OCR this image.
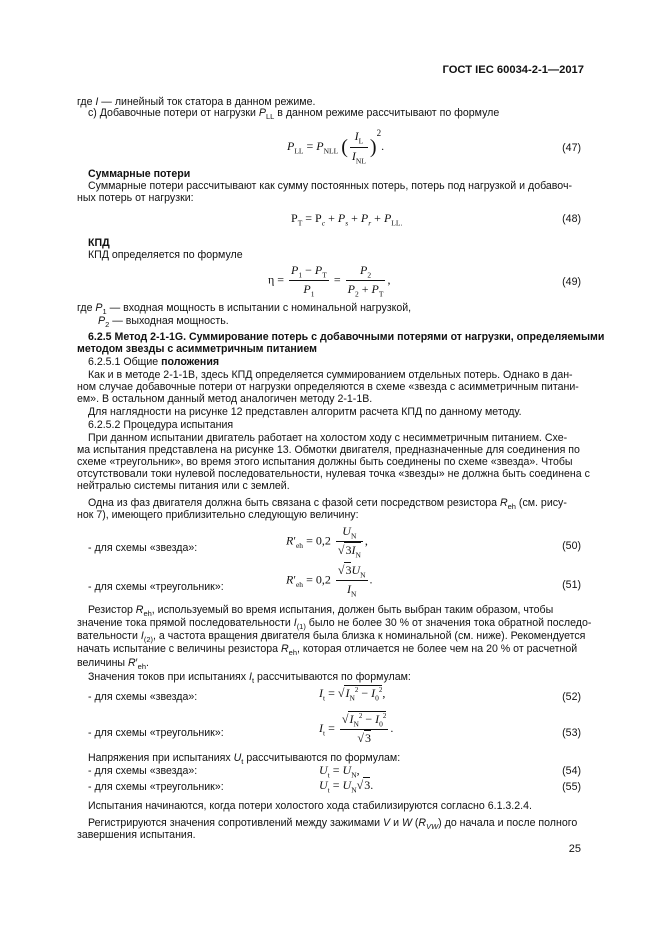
ГОСТ IEC 60034-2-1—2017
где I — линейный ток статора в данном режиме.
c) Добавочные потери от нагрузки $P_{LL}$ в данном режиме рассчитывают по формуле
$P_{LL} = P_{NLL}$ ( $\frac{I_L}{I_{NL}} )^2$.	(47)
Суммарные потери
Суммарные потери рассчитывают как сумму постоянных потерь, потерь под нагрузкой и добавоч-
ных потерь от нагрузки:
$P_T = P_c + P_s + P_r + P_{LL.}$	(48)
КПД
КПД определяется по формуле
$\eta = \frac{P_1 - P_T}{P_1} = \frac{P_2}{P_2 + P_T}$ ,	(49)
где $P_1$ — входная мощность в испытании с номинальной нагрузкой,
$P_2$ — выходная мощность.
6.2.5 Метод 2-1-1G. Суммирование потерь с добавочными потерями от нагрузки, определяемыми
методом звезды с асимметричным питанием
6.2.5.1 Общие положения
Как и в методе 2-1-1B, здесь КПД определяется суммированием отдельных потерь. Однако в дан-
ном случае добавочные потери от нагрузки определяются в схеме «звезда с асимметричным питани-
ем». В остальном данный метод аналогичен методу 2-1-1B.
Для наглядности на рисунке 12 представлен алгоритм расчета КПД по данному методу.
6.2.5.2 Процедура испытания
При данном испытании двигатель работает на холостом ходу с несимметричным питанием. Схе-
ма испытания представлена на рисунке 13. Обмотки двигателя, предназначенные для соединения по
схеме «треугольник», во время этого испытания должны быть соединены по схеме «звезда». Чтобы
отсутствовали токи нулевой последовательности, нулевая точка «звезды» не должна быть соединена с
нейтралью системы питания или с землей.
Одна из фаз двигателя должна быть связана с фазой сети посредством резистора $R_{eh}$ (см. рису-
нок 7), имеющего приблизительно следующую величину:
- для схемы «звезда»:
$R'_{eh} = 0,2 \frac{U_N}{√3I_N}$ ,	(50)
- для схемы «треугольник»:
$R'_{eh} = 0,2 \frac{√3U_N}{I_N}$ .	(51)
Резистор $R_{eh}$, используемый во время испытания, должен быть выбран таким образом, чтобы
значение тока прямой последовательности $I_{(1)}$ было не более 30 % от значения тока обратной последо-
вательности $I_{(2)}$, а частота вращения двигателя была близка к номинальной (см. ниже). Рекомендуется
начать испытание с величины резистора $R_{eh}$, которая отличается не более чем на 20 % от расчетной
величины $R'_{eh}$.
Значения токов при испытаниях $I_t$ рассчитываются по формулам:
- для схемы «звезда»:	$I_t = √I_N^2 - I_0^2$,	(52)
- для схемы «треугольник»:	$I_t = \frac{√I_N^2 - I_0^2}{√3}$ .	(53)
Напряжения при испытаниях $U_t$ рассчитываются по формулам:
- для схемы «звезда»:	$U_t = U_N$,	(54)
- для схемы «треугольник»:	$U_t = U_N√3$.	(55)
Испытания начинаются, когда потери холостого хода стабилизируются согласно 6.1.3.2.4.
Регистрируются значения сопротивлений между зажимами V и W $(R_{VW})$ до начала и после полного
завершения испытания.
25
